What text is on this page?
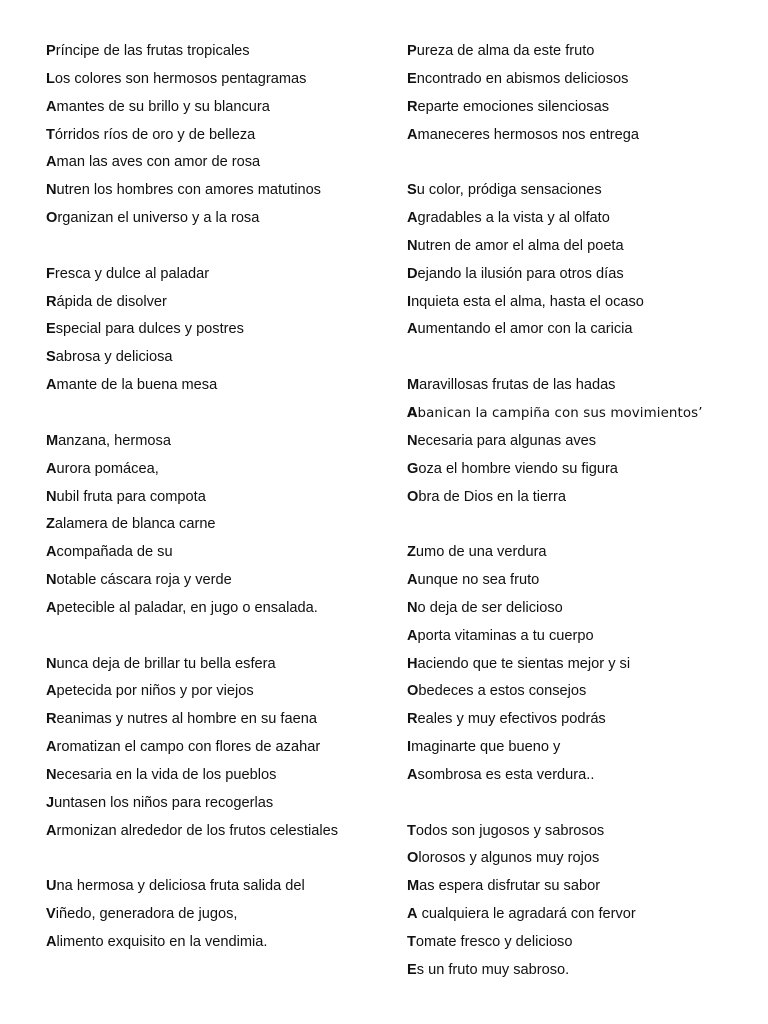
Príncipe de las frutas tropicales
Los colores son hermosos pentagramas
Amantes de su brillo y su blancura
Tórridos ríos de oro y de belleza
Aman las aves con amor de rosa
Nutren los hombres con amores matutinos
Organizan el universo y a la rosa
Fresca y dulce al paladar
Rápida de disolver
Especial para dulces y postres
Sabrosa y deliciosa
Amante de la buena mesa
Manzana, hermosa
Aurora pomácea,
Nubil fruta para compota
Zalamera de blanca carne
Acompañada de su
Notable cáscara roja y verde
Apetecible al paladar, en jugo o ensalada.
Nunca deja de brillar tu bella esfera
Apetecida por niños y por viejos
Reanimas y nutres al hombre en su faena
Aromatizan el campo con flores de azahar
Necesaria en la vida de los pueblos
Juntasen los niños para recogerlas
Armonizan alrededor de los frutos celestiales
Una hermosa y deliciosa fruta salida del
Viñedo, generadora de jugos,
Alimento exquisito en la vendimia.
Pureza de alma da este fruto
Encontrado en abismos deliciosos
Reparte emociones silenciosas
Amaneceres hermosos nos entrega
Su color, pródiga sensaciones
Agradables a la vista y al olfato
Nutren de amor el alma del poeta
Dejando la ilusión para otros días
Inquieta esta el alma, hasta el ocaso
Aumentando el amor con la caricia
Maravillosas frutas de las hadas
Abanican la campiña con sus movimientos’
Necesaria para algunas aves
Goza el hombre viendo su figura
Obra de Dios en la tierra
Zumo de una verdura
Aunque no sea fruto
No deja de ser delicioso
Aporta vitaminas a tu cuerpo
Haciendo que te sientas mejor y si
Obedeces a estos consejos
Reales y muy efectivos podrás
Imaginarte que bueno y
Asombrosa es esta verdura..
Todos son jugosos y sabrosos
Olorosos y algunos muy rojos
Mas espera disfrutar su sabor
A cualquiera le agradará con fervor
Tomate fresco y delicioso
Es un fruto muy sabroso.
